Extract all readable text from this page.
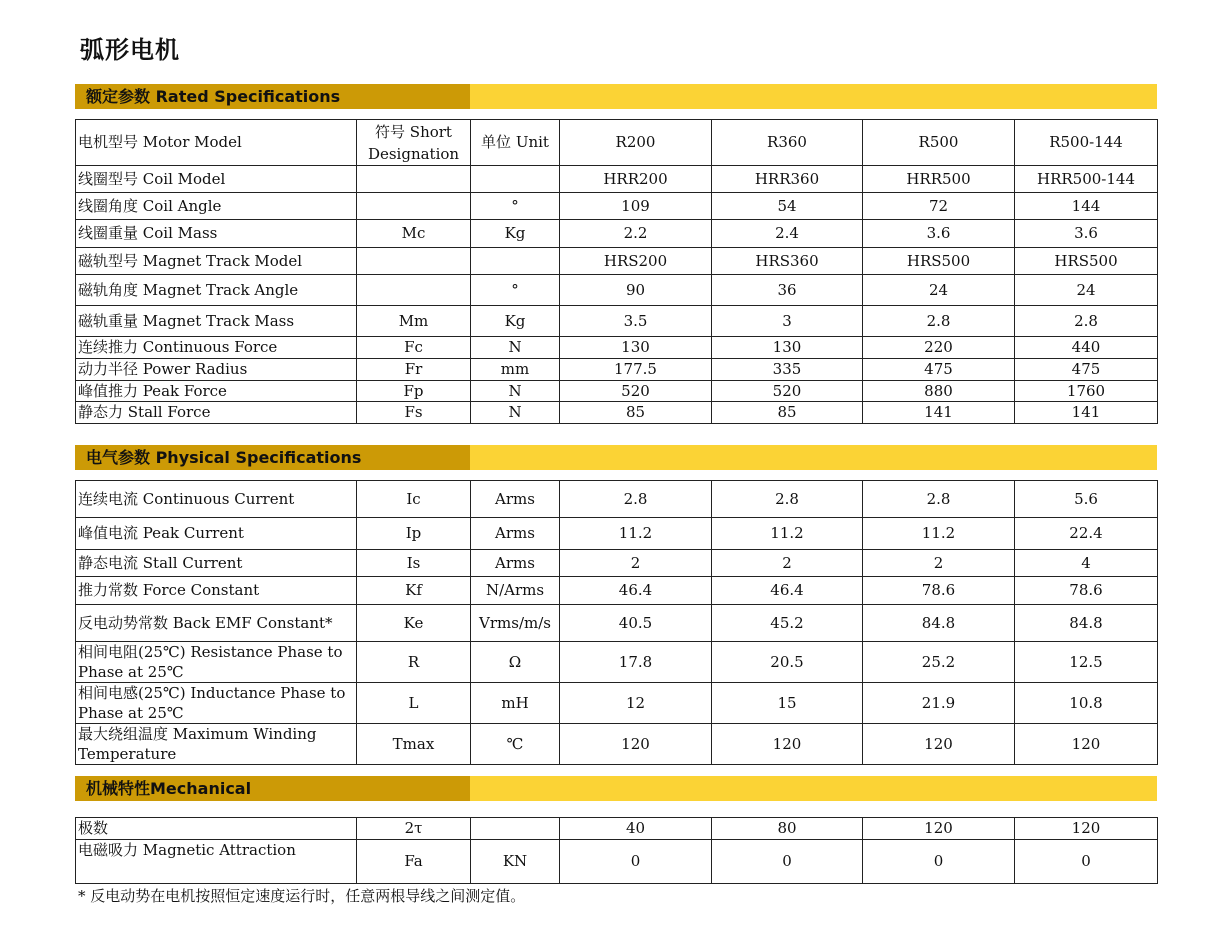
弧形电机
额定参数 Rated Specifications
电机型号 Motor Model	符号 Short Designation	单位 Unit	R200	R360	R500	R500-144
线圈型号 Coil Model			HRR200	HRR360	HRR500	HRR500-144
线圈角度 Coil Angle		°	109	54	72	144
线圈重量 Coil Mass	Mc	Kg	2.2	2.4	3.6	3.6
磁轨型号 Magnet Track Model			HRS200	HRS360	HRS500	HRS500
磁轨角度 Magnet Track Angle		°	90	36	24	24
磁轨重量 Magnet Track Mass	Mm	Kg	3.5	3	2.8	2.8
连续推力 Continuous Force	Fc	N	130	130	220	440
动力半径 Power Radius	Fr	mm	177.5	335	475	475
峰值推力 Peak Force	Fp	N	520	520	880	1760
静态力 Stall Force	Fs	N	85	85	141	141
电气参数 Physical Specifications
连续电流 Continuous Current	Ic	Arms	2.8	2.8	2.8	5.6
峰值电流 Peak Current	Ip	Arms	11.2	11.2	11.2	22.4
静态电流 Stall Current	Is	Arms	2	2	2	4
推力常数 Force Constant	Kf	N/Arms	46.4	46.4	78.6	78.6
反电动势常数 Back EMF Constant*	Ke	Vrms/m/s	40.5	45.2	84.8	84.8
相间电阻(25℃) Resistance Phase to Phase at 25℃	R	Ω	17.8	20.5	25.2	12.5
相间电感(25℃) Inductance Phase to Phase at 25℃	L	mH	12	15	21.9	10.8
最大绕组温度 Maximum Winding Temperature	Tmax	℃	120	120	120	120
机械特性Mechanical
极数	2τ		40	80	120	120
电磁吸力 Magnetic Attraction	Fa	KN	0	0	0	0
* 反电动势在电机按照恒定速度运行时，任意两根导线之间测定值。
